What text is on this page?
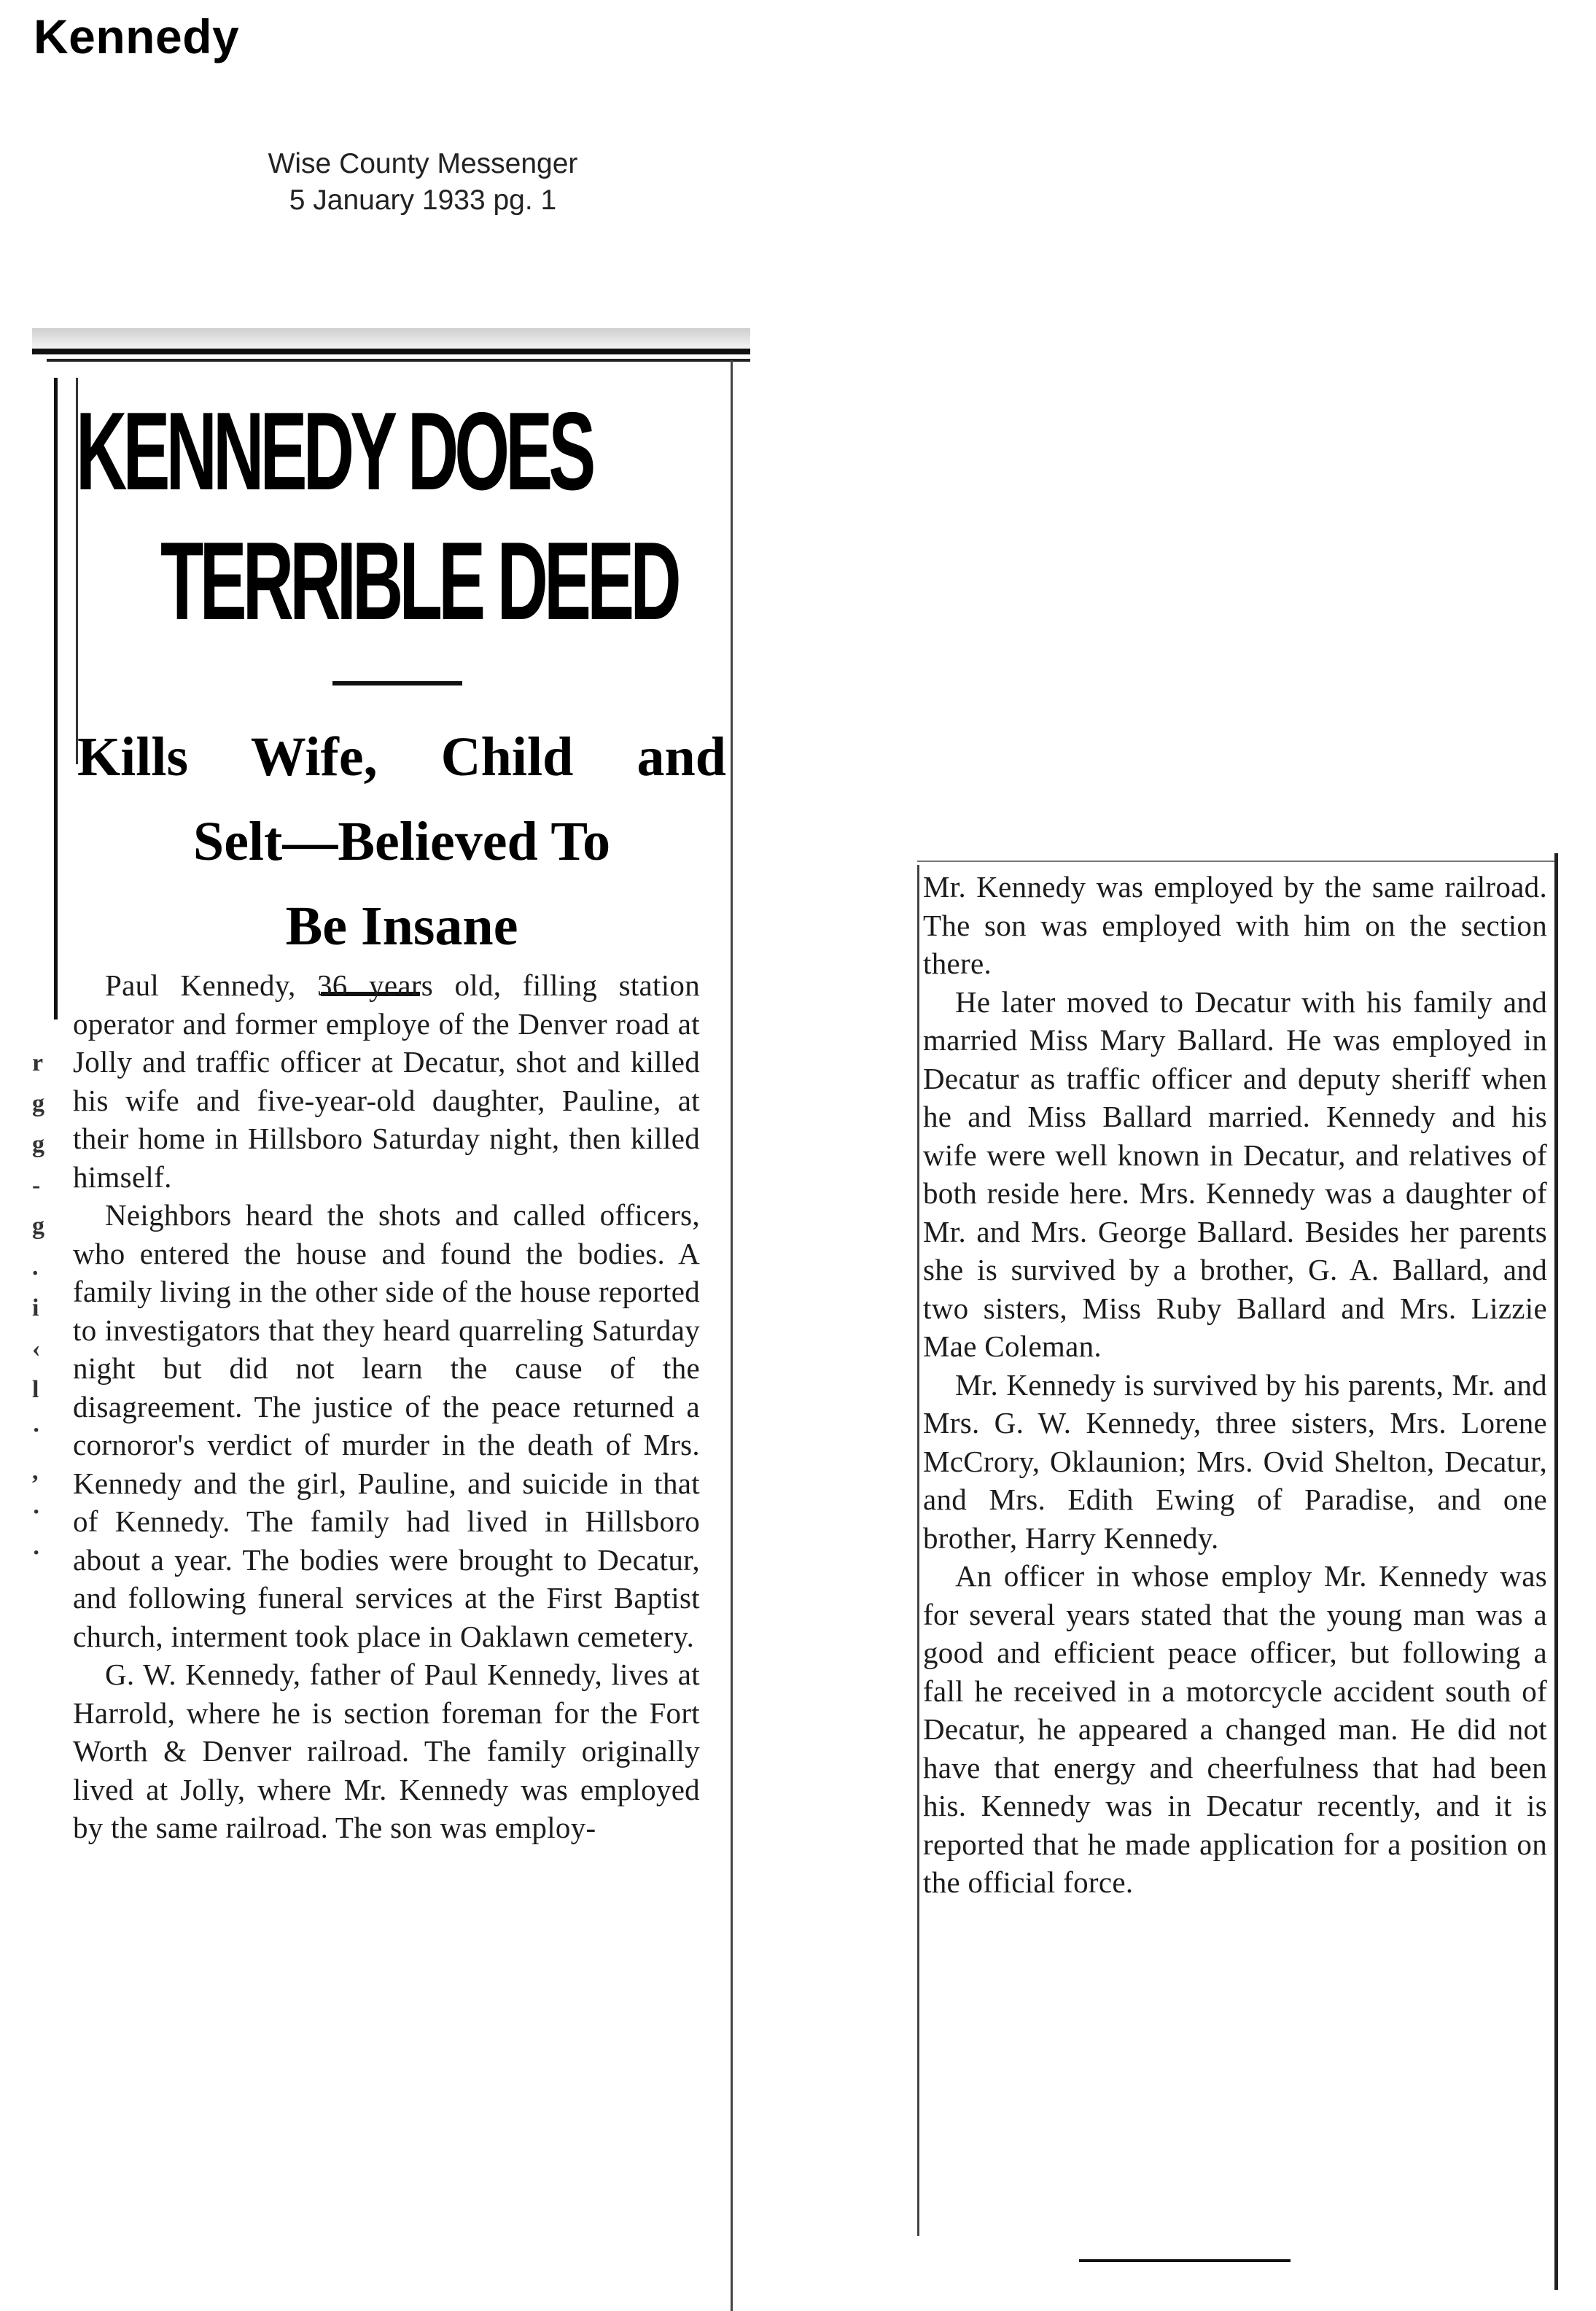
Kennedy
Wise County Messenger
5 January 1933 pg. 1
r
g
g
-
g
.
i
‹
l
·
,
·
·
KENNEDY DOES
TERRIBLE DEED
Kills Wife, Child and
Selt—Believed To
Be Insane

Paul Kennedy, 36 years old, filling station operator and former employe of the Denver road at Jolly and traffic officer at Decatur, shot and killed his wife and five-year-old daughter, Pauline, at their home in Hillsboro Saturday night, then killed himself.

Neighbors heard the shots and called officers, who entered the house and found the bodies. A family living in the other side of the house reported to investigators that they heard quarreling Saturday night but did not learn the cause of the disagreement. The justice of the peace returned a cornoror's verdict of murder in the death of Mrs. Kennedy and the girl, Pauline, and suicide in that of Kennedy. The family had lived in Hillsboro about a year. The bodies were brought to Decatur, and following funeral services at the First Baptist church, interment took place in Oaklawn cemetery.

G. W. Kennedy, father of Paul Kennedy, lives at Harrold, where he is section foreman for the Fort Worth & Denver railroad. The family originally lived at Jolly, where Mr. Kennedy was employed by the same railroad. The son was employ-

Mr. Kennedy was employed by the same railroad. The son was employed with him on the section there.

He later moved to Decatur with his family and married Miss Mary Ballard. He was employed in Decatur as traffic officer and deputy sheriff when he and Miss Ballard married. Kennedy and his wife were well known in Decatur, and relatives of both reside here. Mrs. Kennedy was a daughter of Mr. and Mrs. George Ballard. Besides her parents she is survived by a brother, G. A. Ballard, and two sisters, Miss Ruby Ballard and Mrs. Lizzie Mae Coleman.

Mr. Kennedy is survived by his parents, Mr. and Mrs. G. W. Kennedy, three sisters, Mrs. Lorene McCrory, Oklaunion; Mrs. Ovid Shelton, Decatur, and Mrs. Edith Ewing of Paradise, and one brother, Harry Kennedy.

An officer in whose employ Mr. Kennedy was for several years stated that the young man was a good and efficient peace officer, but following a fall he received in a motorcycle accident south of Decatur, he appeared a changed man. He did not have that energy and cheerfulness that had been his. Kennedy was in Decatur recently, and it is reported that he made application for a position on the official force.
